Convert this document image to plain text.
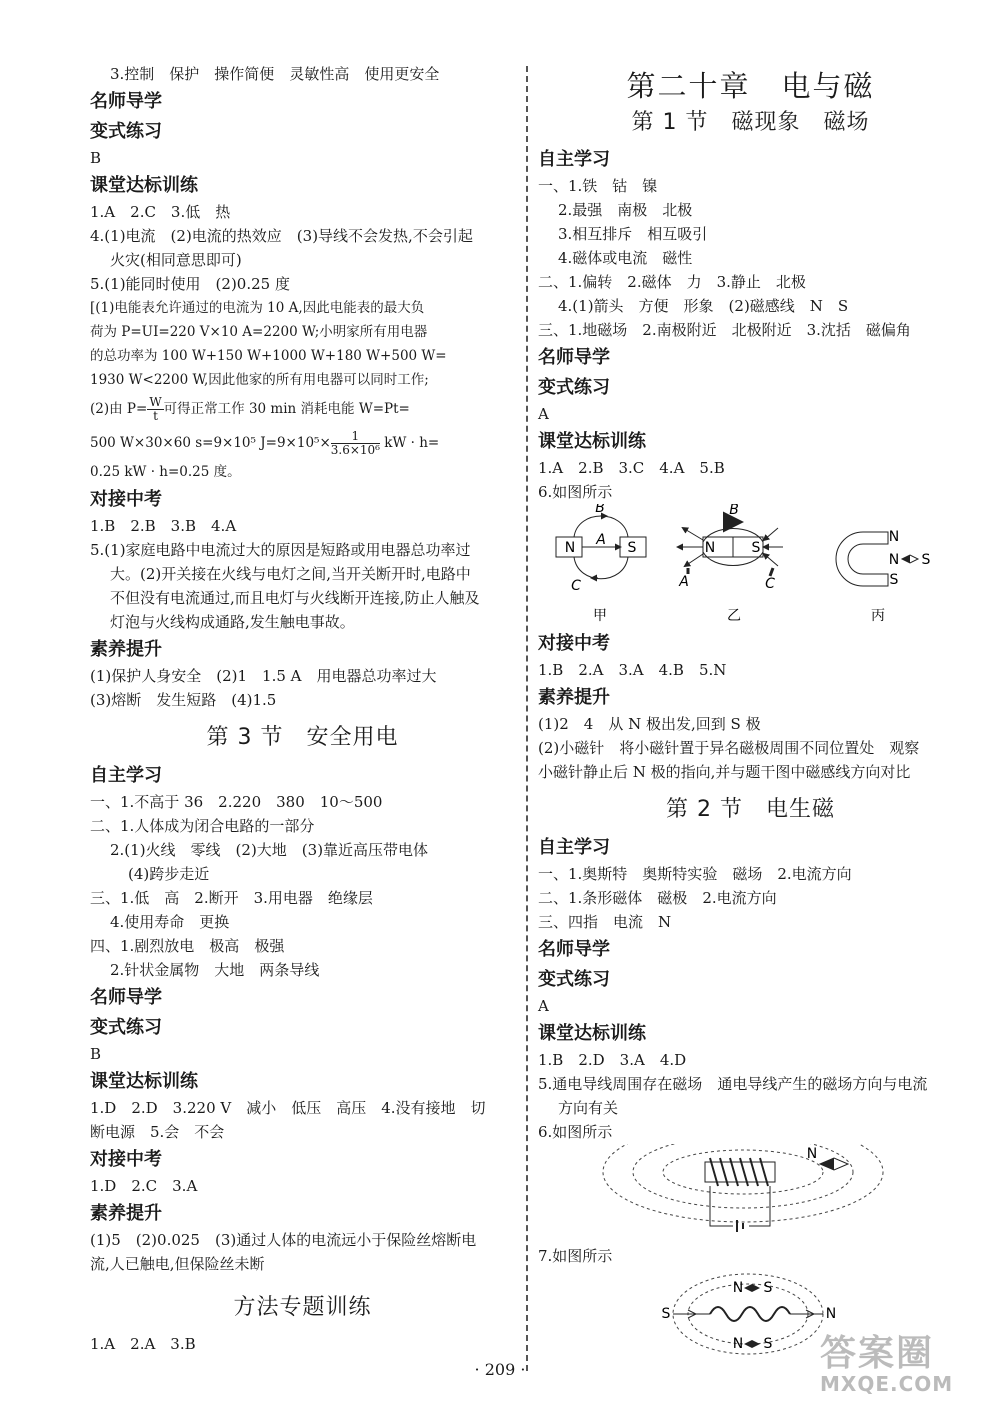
3.控制　保护　操作简便　灵敏性高　使用更安全
名师导学
变式练习
B
课堂达标训练
1.A　2.C　3.低　热
4.(1)电流　(2)电流的热效应　(3)导线不会发热,不会引起
火灾(相同意思即可)
5.(1)能同时使用　(2)0.25 度
[(1)电能表允许通过的电流为 10 A,因此电能表的最大负
荷为 P=UI=220 V×10 A=2200 W;小明家所有用电器
的总功率为 100 W+150 W+1000 W+180 W+500 W=
1930 W<2200 W,因此他家的所有用电器可以同时工作;
(2)由 $P= \frac{W}{t}$ 可得正常工作 30 min 消耗电能 W=Pt=
500 W×30×60 s=9×10⁵ $J=9\times 10^5\times \frac{1}{\text{3.6×10⁶}}$ kW · h=
0.25 kW · h=0.25 度。
对接中考
1.B　2.B　3.B　4.A
5.(1)家庭电路中电流过大的原因是短路或用电器总功率过
大。(2)开关接在火线与电灯之间,当开关断开时,电路中
不但没有电流通过,而且电灯与火线断开连接,防止人触及
灯泡与火线构成通路,发生触电事故。
素养提升
(1)保护人身安全　(2)1　1.5 A　用电器总功率过大
(3)熔断　发生短路　(4)1.5
第 3 节　安全用电
自主学习
一、1.不高于 36　2.220　380　10～500
二、1.人体成为闭合电路的一部分
2.(1)火线　零线　(2)大地　(3)靠近高压带电体
(4)跨步走近
三、1.低　高　2.断开　3.用电器　绝缘层
4.使用寿命　更换
四、1.剧烈放电　极高　极强
2.针状金属物　大地　两条导线
名师导学
变式练习
B
课堂达标训练
1.D　2.D　3.220 V　减小　低压　高压　4.没有接地　切
断电源　5.会　不会
对接中考
1.D　2.C　3.A
素养提升
(1)5　(2)0.025　(3)通过人体的电流远小于保险丝熔断电
流,人已触电,但保险丝未断
方法专题训练
1.A　2.A　3.B
第二十章　电与磁
第 1 节　磁现象　磁场
自主学习
一、1.铁　钴　镍
2.最强　南极　北极
3.相互排斥　相互吸引
4.磁体或电流　磁性
二、1.偏转　2.磁体　力　3.静止　北极
4.(1)箭头　方便　形象　(2)磁感线　N　S
三、1.地磁场　2.南极附近　北极附近　3.沈括　磁偏角
名师导学
变式练习
A
课堂达标训练
1.A　2.B　3.C　4.A　5.B
6.如图所示
N	S
B
A
C
甲
N	S
B
A	C
乙
N
S
N S
丙
对接中考
1.B　2.A　3.A　4.B　5.N
素养提升
(1)2　4　从 N 极出发,回到 S 极
(2)小磁针　将小磁针置于异名磁极周围不同位置处　观察
小磁针静止后 N 极的指向,并与题干图中磁感线方向对比
第 2 节　电生磁
自主学习
一、1.奥斯特　奥斯特实验　磁场　2.电流方向
二、1.条形磁体　磁极　2.电流方向
三、四指　电流　N
名师导学
变式练习
A
课堂达标训练
1.B　2.D　3.A　4.D
5.通电导线周围存在磁场　通电导线产生的磁场方向与电流
方向有关
6.如图所示
N
7.如图所示
S	N
N S
N S
· 209 ·	答案圈
MXQE.COM
